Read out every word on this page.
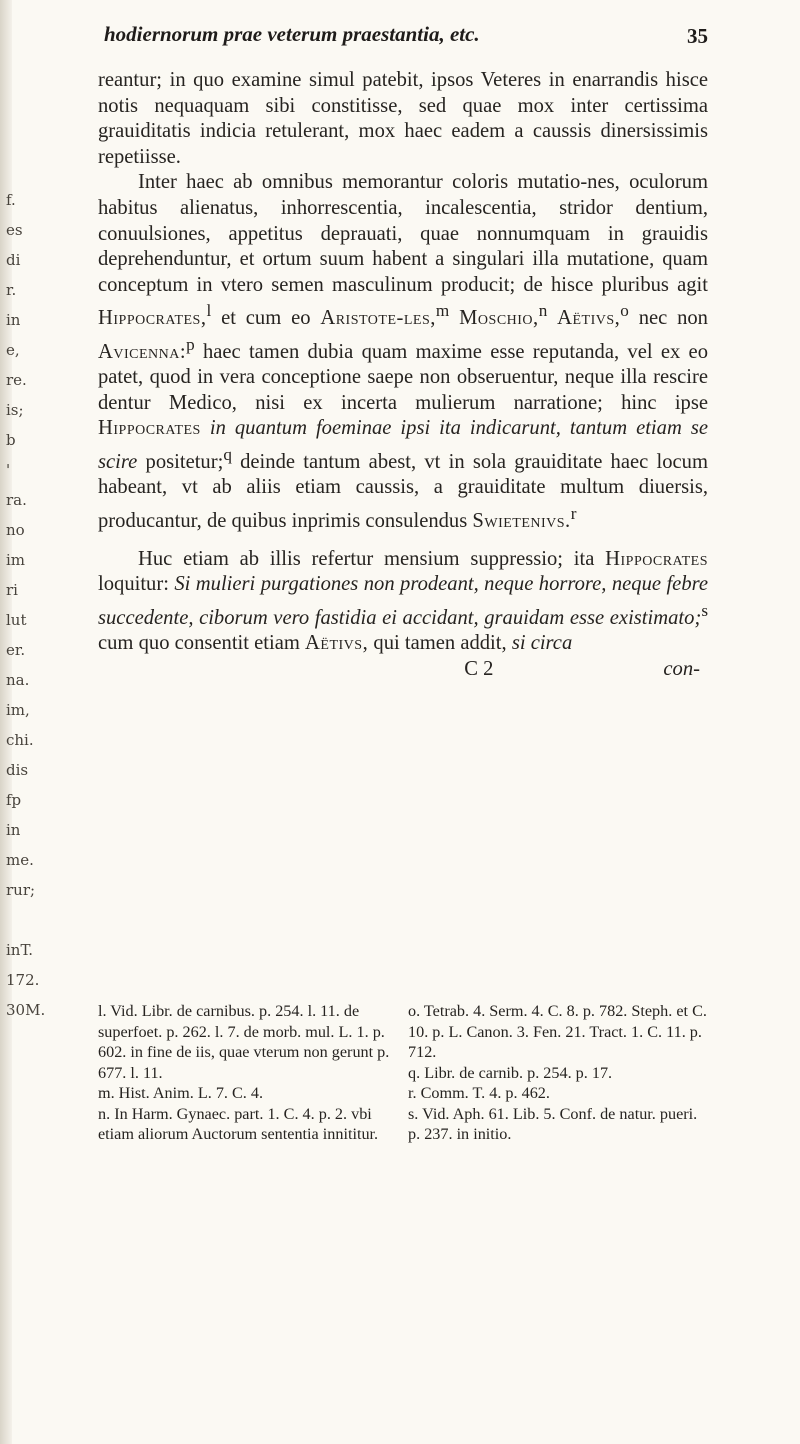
f.
es
di
r.
in
e,
re.
is;
b
'
ra.
no
im
ri
lut
er.
na.
im,
chi.
dis
fp
in
me.
rur;
inT.
172.
30M.
hodiernorum prae veterum praestantia, etc.	35

reantur; in quo examine simul patebit, ipsos Veteres in enarrandis hisce notis nequaquam sibi constitisse, sed quae mox inter certissima grauiditatis indicia retulerant, mox haec eadem a caussis dinersissimis repetiisse.

Inter haec ab omnibus memorantur coloris mutatio-nes, oculorum habitus alienatus, inhorrescentia, incalescentia, stridor dentium, conuulsiones, appetitus deprauati, quae nonnumquam in grauidis deprehenduntur, et ortum suum habent a singulari illa mutatione, quam conceptum in vtero semen masculinum producit; de hisce pluribus agit Hippocrates,$^l$ et cum eo Aristote-les,$^m$ Moschio,$^n$ Aëtivs,$^o$ nec non Avicenna:$^p$ haec tamen dubia quam maxime esse reputanda, vel ex eo patet, quod in vera conceptione saepe non obseruentur, neque illa rescire dentur Medico, nisi ex incerta mulierum narratione; hinc ipse Hippocrates in quantum foeminae ipsi ita indicarunt, tantum etiam se scire positetur;$^q$ deinde tantum abest, vt in sola grauiditate haec locum habeant, vt ab aliis etiam caussis, a grauiditate multum diuersis, producantur, de quibus inprimis consulendus Swietenivs.$^r$

Huc etiam ab illis refertur mensium suppressio; ita Hippocrates loquitur: Si mulieri purgationes non prodeant, neque horrore, neque febre succedente, ciborum vero fastidia ei accidant, grauidam esse existimato;$^s$ cum quo consentit etiam Aëtivs, qui tamen addit, si circa

C 2	con-

l. Vid. Libr. de carnibus. p. 254. l. 11. de superfoet. p. 262. l. 7. de morb. mul. L. 1. p. 602. in fine de iis, quae vterum non gerunt p. 677. l. 11.

m. Hist. Anim. L. 7. C. 4.

n. In Harm. Gynaec. part. 1. C. 4. p. 2. vbi etiam aliorum Auctorum sententia innititur.

o. Tetrab. 4. Serm. 4. C. 8. p. 782. Steph. et C. 10. p. L. Canon. 3. Fen. 21. Tract. 1. C. 11. p. 712.

q. Libr. de carnib. p. 254. p. 17.

r. Comm. T. 4. p. 462.

s. Vid. Aph. 61. Lib. 5. Conf. de natur. pueri. p. 237. in initio.
